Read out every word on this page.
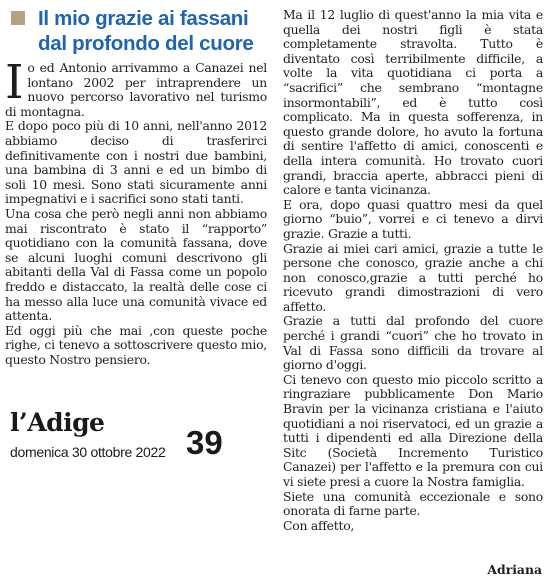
Il mio grazie ai fassani dal profondo del cuore

Io ed Antonio arrivammo a Canazei nel lontano 2002 per intraprendere un nuovo percorso lavorativo nel turismo di montagna.

E dopo poco più di 10 anni, nell'anno 2012 abbiamo deciso di trasferirci definitivamente con i nostri due bambini, una bambina di 3 anni e ed un bimbo di soli 10 mesi. Sono stati sicuramente anni impegnativi e i sacrifici sono stati tanti.

Una cosa che però negli anni non abbiamo mai riscontrato è stato il “rapporto” quotidiano con la comunità fassana, dove se alcuni luoghi comuni descrivono gli abitanti della Val di Fassa come un popolo freddo e distaccato, la realtà delle cose ci ha messo alla luce una comunità vivace ed attenta.

Ed oggi più che mai ,con queste poche righe, ci tenevo a sottoscrivere questo mio, questo Nostro pensiero.

l’Adige
domenica 30 ottobre 2022 39

Ma il 12 luglio di quest'anno la mia vita e quella dei nostri figli è stata completamente stravolta. Tutto è diventato così terribilmente difficile, a volte la vita quotidiana ci porta a “sacrifici” che sembrano “montagne insormontabili”, ed è tutto così complicato. Ma in questa sofferenza, in questo grande dolore, ho avuto la fortuna di sentire l'affetto di amici, conoscenti e della intera comunità. Ho trovato cuori grandi, braccia aperte, abbracci pieni di calore e tanta vicinanza.

E ora, dopo quasi quattro mesi da quel giorno “buio”, vorrei e ci tenevo a dirvi grazie. Grazie a tutti.

Grazie ai miei cari amici, grazie a tutte le persone che conosco, grazie anche a chi non conosco,grazie a tutti perché ho ricevuto grandi dimostrazioni di vero affetto.

Grazie a tutti dal profondo del cuore perché i grandi “cuori” che ho trovato in Val di Fassa sono difficili da trovare al giorno d'oggi.

Ci tenevo con questo mio piccolo scritto a ringraziare pubblicamente Don Mario Bravin per la vicinanza cristiana e l'aiuto quotidiani a noi riservatoci, ed un grazie a tutti i dipendenti ed alla Direzione della Sitc (Società Incremento Turistico Canazei) per l'affetto e la premura con cui vi siete presi a cuore la Nostra famiglia.

Siete una comunità eccezionale e sono onorata di farne parte.

Con affetto,

Adriana
